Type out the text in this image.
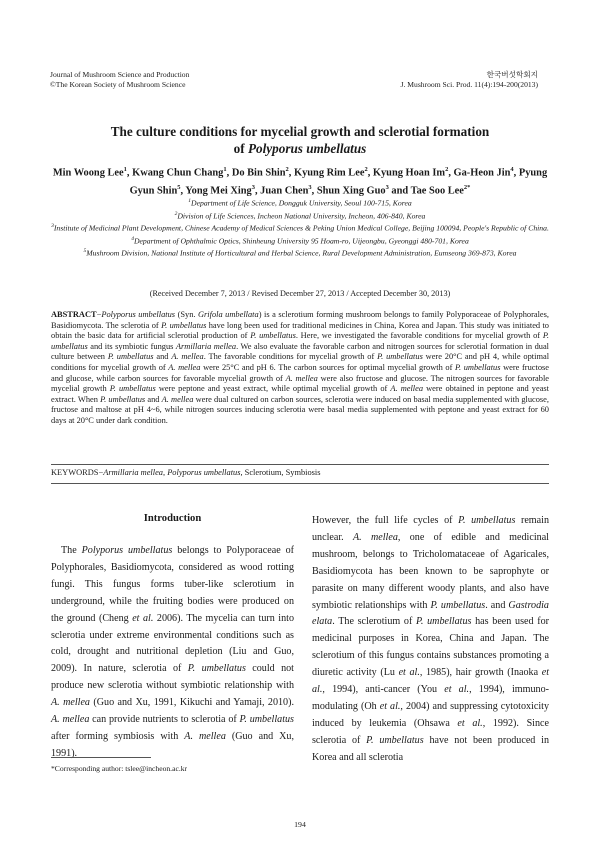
Journal of Mushroom Science and Production
©The Korean Society of Mushroom Science
한국버섯학회지
J. Mushroom Sci. Prod. 11(4):194-200(2013)
The culture conditions for mycelial growth and sclerotial formation
of Polyporus umbellatus
Min Woong Lee$^1$, Kwang Chun Chang$^1$, Do Bin Shin$^2$, Kyung Rim Lee$^2$, Kyung Hoan Im$^2$, Ga-Heon Jin$^4$, Pyung Gyun Shin$^5$, Yong Mei Xing$^3$, Juan Chen$^3$, Shun Xing Guo$^3$ and Tae Soo Lee$^{2*}$
$^1$Department of Life Science, Dongguk University, Seoul 100-715, Korea
$^2$Division of Life Sciences, Incheon National University, Incheon, 406-840, Korea
$^3$Institute of Medicinal Plant Development, Chinese Academy of Medical Sciences & Peking Union Medical College, Beijing 100094, People's Republic of China.
$^4$Department of Ophthalmic Optics, Shinheung University 95 Hoam-ro, Uijeongbu, Gyeonggi 480-701, Korea
$^5$Mushroom Division, National Institute of Horticultural and Herbal Science, Rural Development Administration, Eumseong 369-873, Korea
(Received December 7, 2013 / Revised December 27, 2013 / Accepted December 30, 2013)
ABSTRACT−Polyporus umbellatus (Syn. Grifola umbellata) is a sclerotium forming mushroom belongs to family Polyporaceae of Polyphorales, Basidiomycota. The sclerotia of P. umbellatus have long been used for traditional medicines in China, Korea and Japan. This study was initiated to obtain the basic data for artificial sclerotial production of P. umbellatus. Here, we investigated the favorable conditions for mycelial growth of P. umbellatus and its symbiotic fungus Armillaria mellea. We also evaluate the favorable carbon and nitrogen sources for sclerotial formation in dual culture between P. umbellatus and A. mellea. The favorable conditions for mycelial growth of P. umbellatus were 20°C and pH 4, while optimal conditions for mycelial growth of A. mellea were 25°C and pH 6. The carbon sources for optimal mycelial growth of P. umbellatus were fructose and glucose, while carbon sources for favorable mycelial growth of A. mellea were also fructose and glucose. The nitrogen sources for favorable mycelial growth P. umbellatus were peptone and yeast extract, while optimal mycelial growth of A. mellea were obtained in peptone and yeast extract. When P. umbellatus and A. mellea were dual cultured on carbon sources, sclerotia were induced on basal media supplemented with glucose, fructose and maltose at pH 4~6, while nitrogen sources inducing sclerotia were basal media supplemented with peptone and yeast extract for 60 days at 20°C under dark condition.
KEYWORDS−Armillaria mellea, Polyporus umbellatus, Sclerotium, Symbiosis
Introduction

The Polyporus umbellatus belongs to Polyporaceae of Polyphorales, Basidiomycota, considered as wood rotting fungi. This fungus forms tuber-like sclerotium in underground, while the fruiting bodies were produced on the ground (Cheng et al. 2006). The mycelia can turn into sclerotia under extreme environmental conditions such as cold, drought and nutritional depletion (Liu and Guo, 2009). In nature, sclerotia of P. umbellatus could not produce new sclerotia without symbiotic relationship with A. mellea (Guo and Xu, 1991, Kikuchi and Yamaji, 2010). A. mellea can provide nutrients to sclerotia of P. umbellatus after forming symbiosis with A. mellea (Guo and Xu, 1991).

However, the full life cycles of P. umbellatus remain unclear. A. mellea, one of edible and medicinal mushroom, belongs to Tricholomataceae of Agaricales, Basidiomycota has been known to be saprophyte or parasite on many different woody plants, and also have symbiotic relationships with P. umbellatus. and Gastrodia elata. The sclerotium of P. umbellatus has been used for medicinal purposes in Korea, China and Japan. The sclerotium of this fungus contains substances promoting a diuretic activity (Lu et al., 1985), hair growth (Inaoka et al., 1994), anti-cancer (You et al., 1994), immuno-modulating (Oh et al., 2004) and suppressing cytotoxicity induced by leukemia (Ohsawa et al., 1992). Since sclerotia of P. umbellatus have not been produced in Korea and all sclerotia

*Corresponding author: tslee@incheon.ac.kr
194
